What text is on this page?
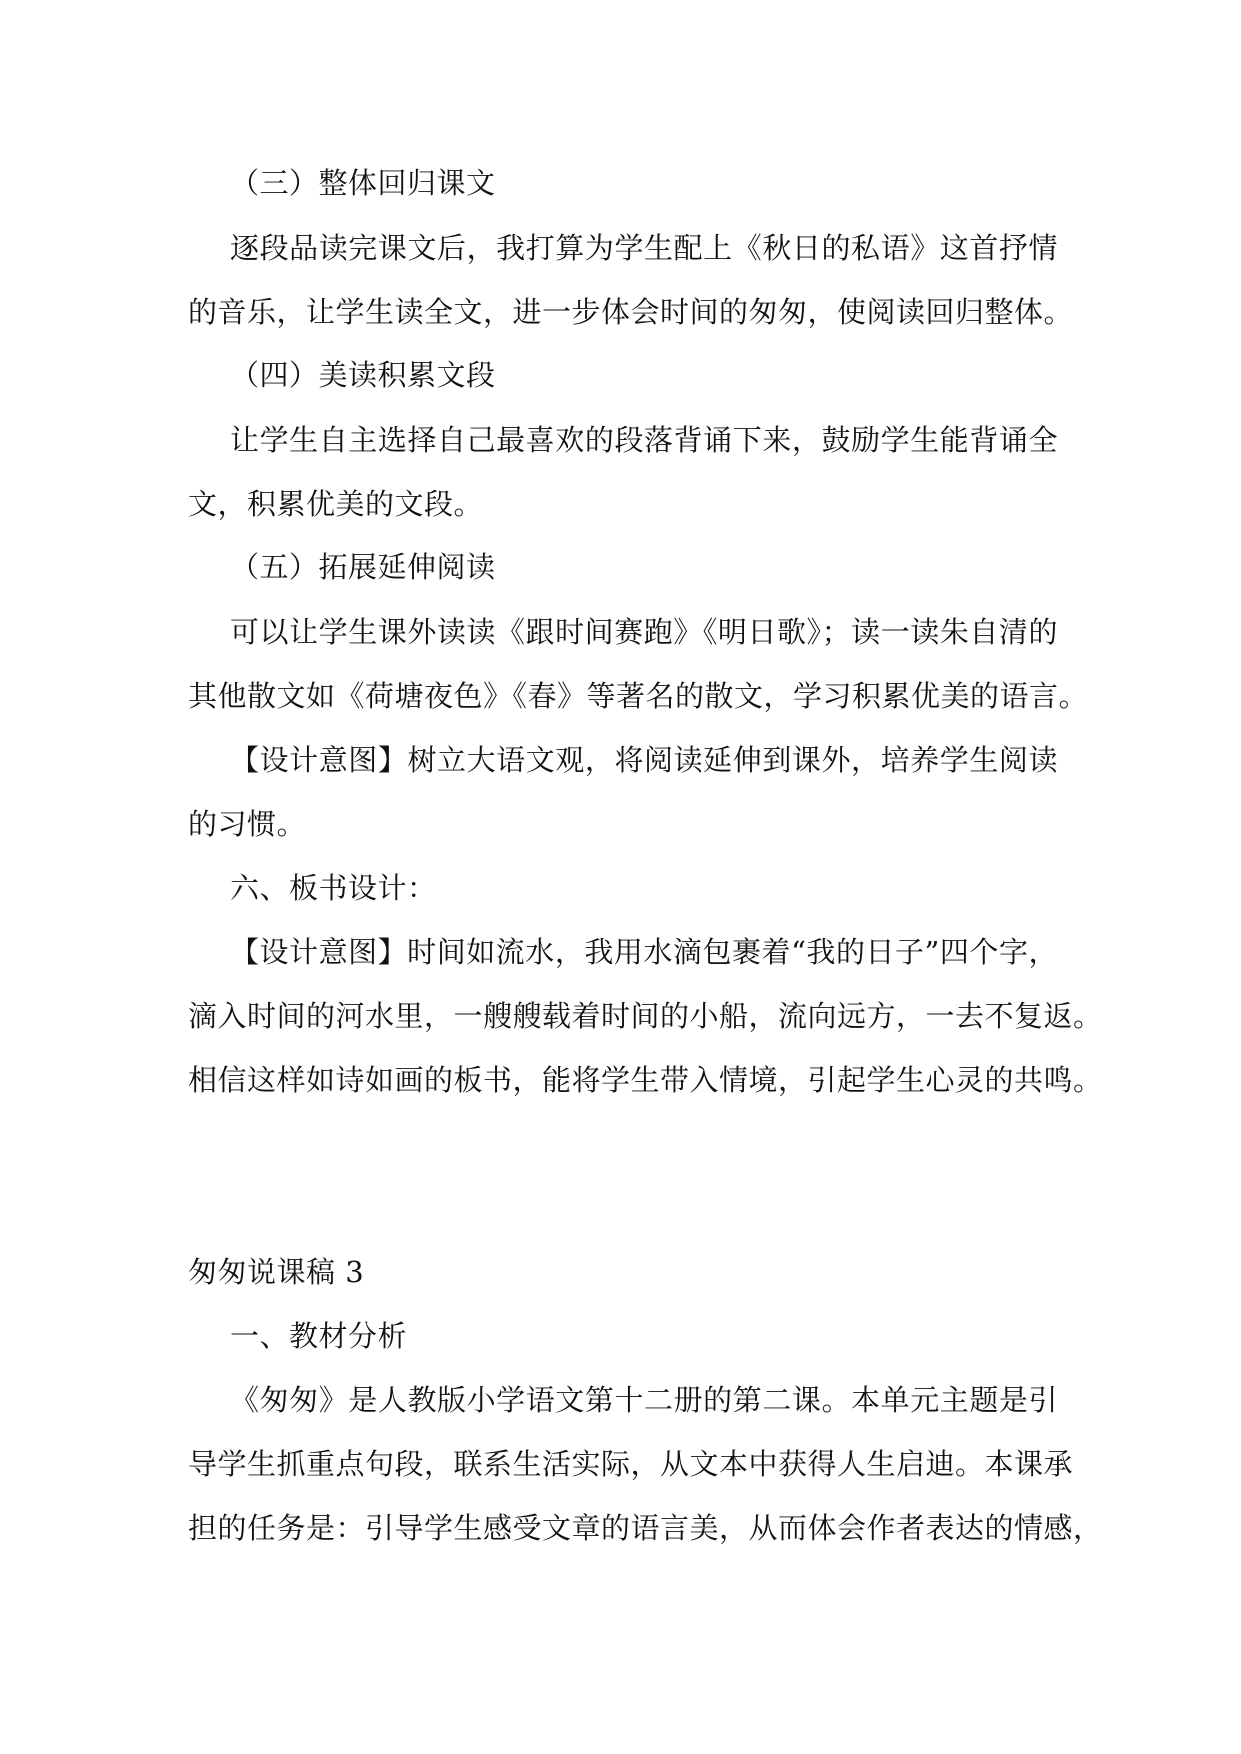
（三）整体回归课文
逐段品读完课文后，我打算为学生配上《秋日的私语》这首抒情
的音乐，让学生读全文，进一步体会时间的匆匆，使阅读回归整体。
（四）美读积累文段
让学生自主选择自己最喜欢的段落背诵下来，鼓励学生能背诵全
文，积累优美的文段。
（五）拓展延伸阅读
可以让学生课外读读《跟时间赛跑》《明日歌》；读一读朱自清的
其他散文如《荷塘夜色》《春》等著名的散文，学习积累优美的语言。
【设计意图】树立大语文观，将阅读延伸到课外，培养学生阅读
的习惯。
六、板书设计：
【设计意图】时间如流水，我用水滴包裹着“我的日子”四个字，
滴入时间的河水里，一艘艘载着时间的小船，流向远方，一去不复返。
相信这样如诗如画的板书，能将学生带入情境，引起学生心灵的共鸣。
匆匆说课稿 3
一、教材分析
《匆匆》是人教版小学语文第十二册的第二课。本单元主题是引
导学生抓重点句段，联系生活实际，从文本中获得人生启迪。本课承
担的任务是：引导学生感受文章的语言美，从而体会作者表达的情感，
